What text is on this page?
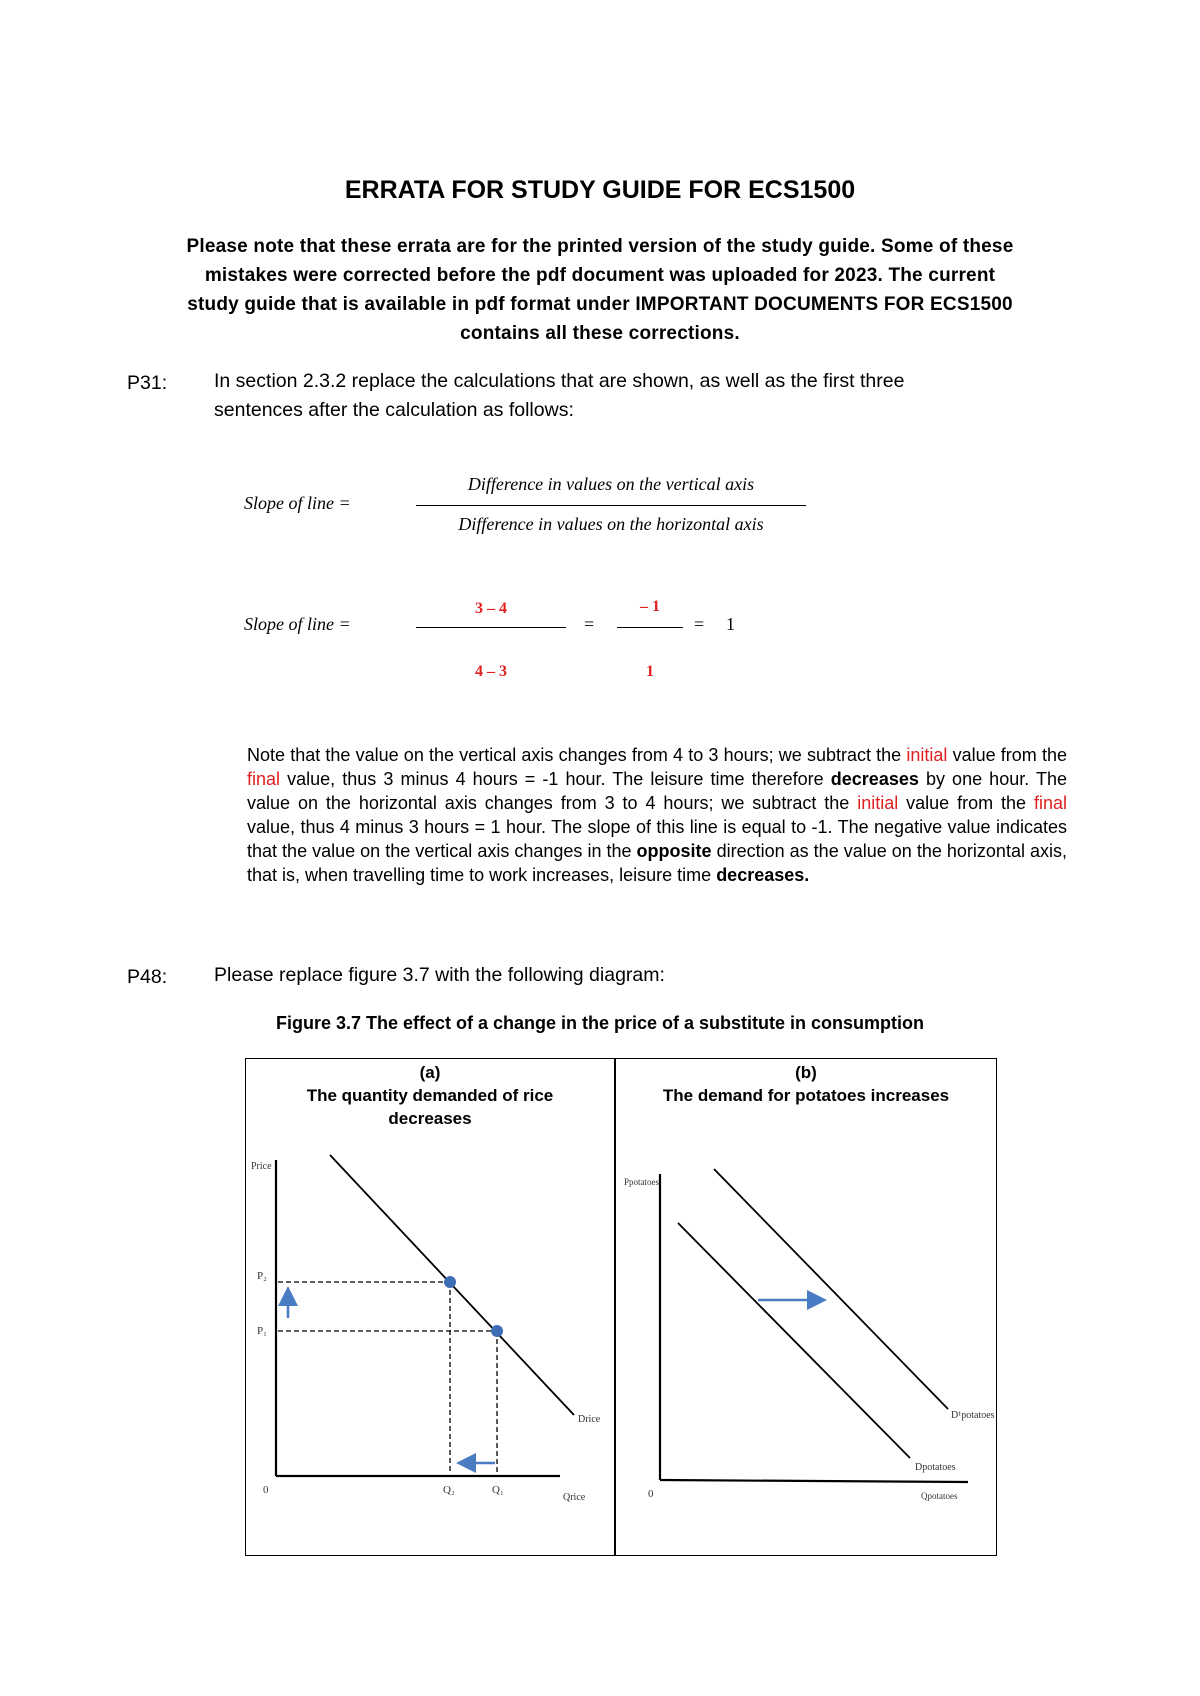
ERRATA FOR STUDY GUIDE FOR ECS1500
Please note that these errata are for the printed version of the study guide. Some of these
mistakes were corrected before the pdf document was uploaded for 2023. The current
study guide that is available in pdf format under IMPORTANT DOCUMENTS FOR ECS1500
contains all these corrections.
P31: In section 2.3.2 replace the calculations that are shown, as well as the first three
sentences after the calculation as follows:
Slope of line =
Difference in values on the vertical axis
Difference in values on the horizontal axis
Slope of line =
3 – 4
4 – 3
=
– 1
1
= 1
Note that the value on the vertical axis changes from 4 to 3 hours; we subtract the initial value from the final value, thus 3 minus 4 hours = -1 hour. The leisure time therefore decreases by one hour. The value on the horizontal axis changes from 3 to 4 hours; we subtract the initial value from the final value, thus 4 minus 3 hours = 1 hour. The slope of this line is equal to -1. The negative value indicates that the value on the vertical axis changes in the opposite direction as the value on the horizontal axis, that is, when travelling time to work increases, leisure time decreases.
P48: Please replace figure 3.7 with the following diagram:
Figure 3.7 The effect of a change in the price of a substitute in consumption
(a)
The quantity demanded of rice
decreases
(b)
The demand for potatoes increases
Price
P₂
P₁
0	Q₂	Q₁
Qrice
Drice
Ppotatoes
0	Qpotatoes
D¹potatoes
Dpotatoes
